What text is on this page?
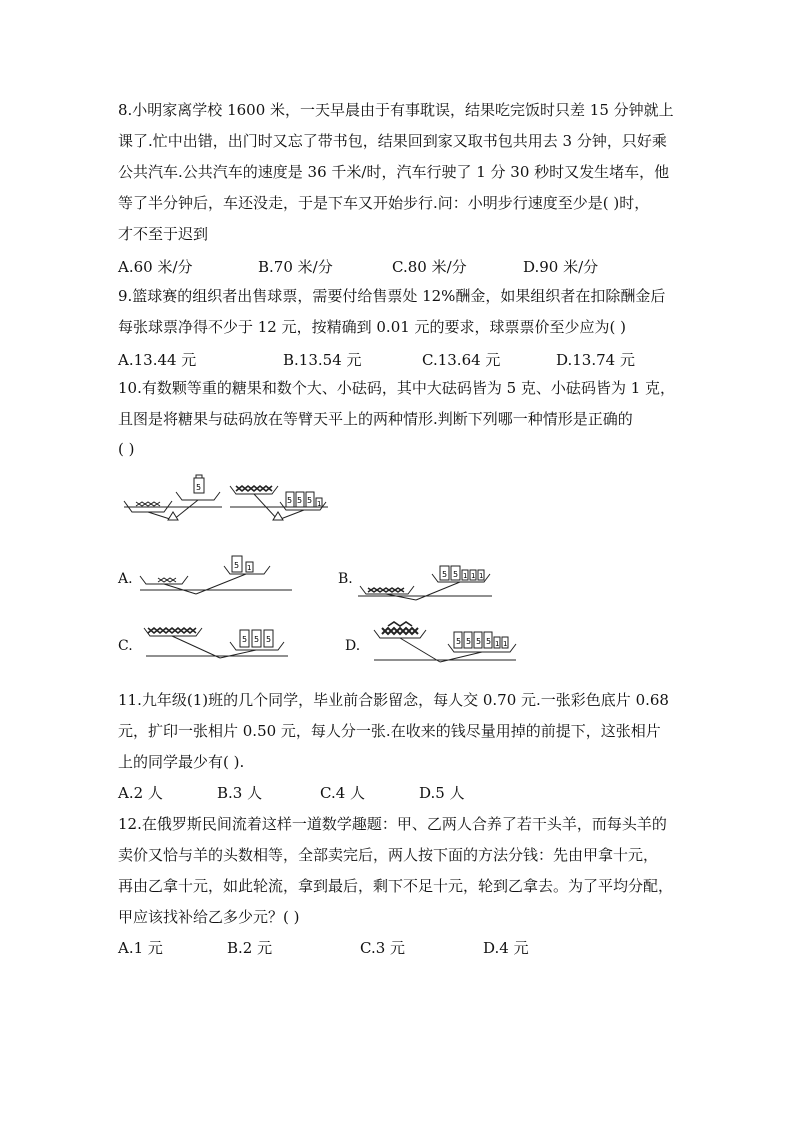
8.小明家离学校 1600 米，一天早晨由于有事耽误，结果吃完饭时只差 15 分钟就上
课了.忙中出错，出门时又忘了带书包，结果回到家又取书包共用去 3 分钟，只好乘
公共汽车.公共汽车的速度是 36 千米/时，汽车行驶了 1 分 30 秒时又发生堵车，他
等了半分钟后，车还没走，于是下车又开始步行.问：小明步行速度至少是( )时，
才不至于迟到
A.60 米/分	B.70 米/分	C.80 米/分	D.90 米/分
9.篮球赛的组织者出售球票，需要付给售票处 12%酬金，如果组织者在扣除酬金后
每张球票净得不少于 12 元，按精确到 0.01 元的要求，球票票价至少应为( )
A.13.44 元	B.13.54 元	C.13.64 元	D.13.74 元
10.有数颗等重的糖果和数个大、小砝码，其中大砝码皆为 5 克、小砝码皆为 1 克，
且图是将糖果与砝码放在等臂天平上的两种情形.判断下列哪一种情形是正确的
( )
5
5 5 5 1
A.
5 1
B.	5 5 1 1 1
C.	5 5 5	D.	5 5 5 5 1 1
11.九年级(1)班的几个同学，毕业前合影留念，每人交 0.70 元.一张彩色底片 0.68
元，扩印一张相片 0.50 元，每人分一张.在收来的钱尽量用掉的前提下，这张相片
上的同学最少有( ).
A.2 人	B.3 人	C.4 人	D.5 人
12.在俄罗斯民间流着这样一道数学趣题：甲、乙两人合养了若干头羊，而每头羊的
卖价又恰与羊的头数相等，全部卖完后，两人按下面的方法分钱：先由甲拿十元，
再由乙拿十元，如此轮流，拿到最后，剩下不足十元，轮到乙拿去。为了平均分配，
甲应该找补给乙多少元？( )
A.1 元	B.2 元	C.3 元	D.4 元
